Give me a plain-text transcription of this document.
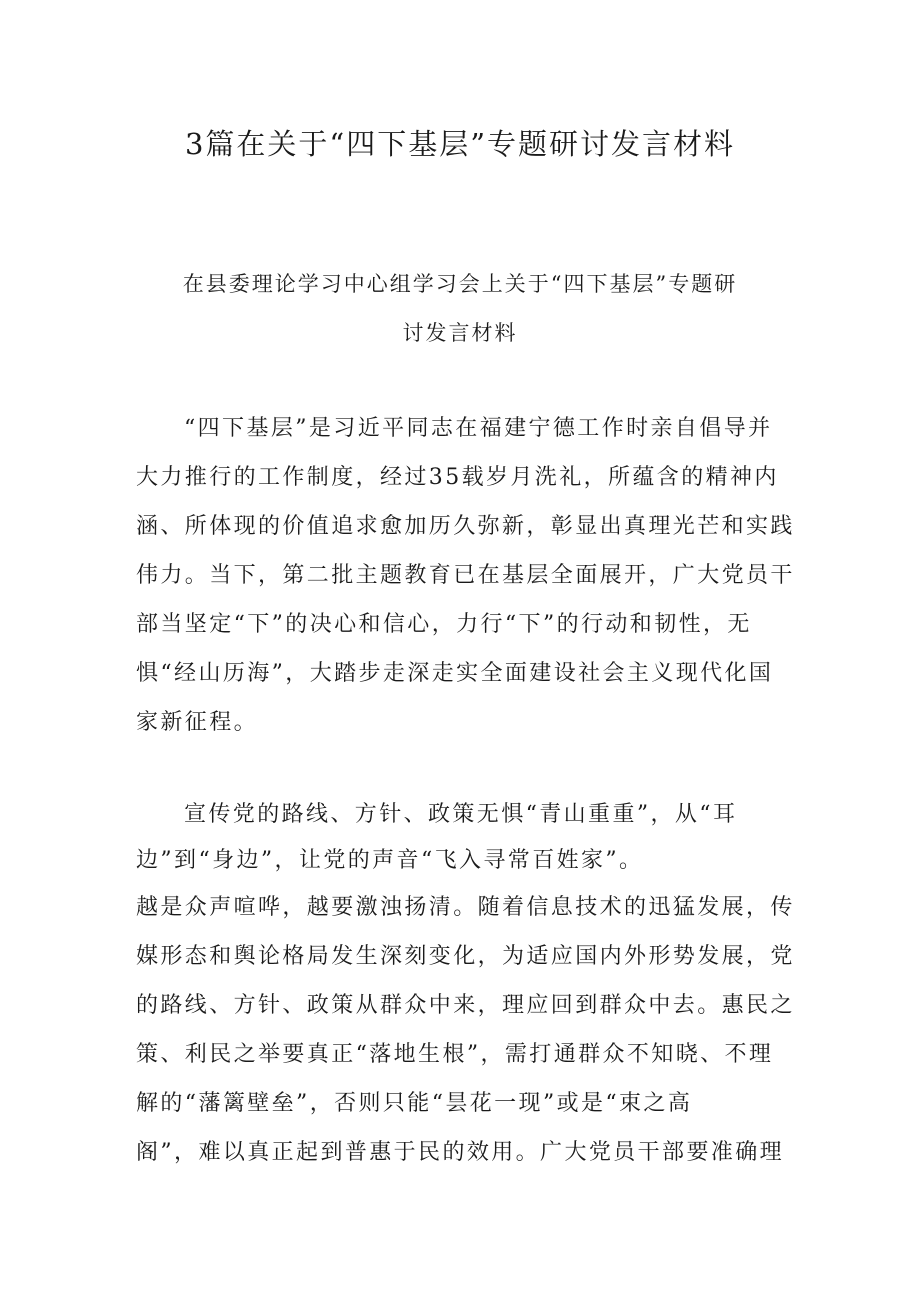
3篇在关于“四下基层”专题研讨发言材料
在县委理论学习中心组学习会上关于“四下基层”专题研
讨发言材料
“四下基层”是习近平同志在福建宁德工作时亲自倡导并
大力推行的工作制度，经过35载岁月洗礼，所蕴含的精神内
涵、所体现的价值追求愈加历久弥新，彰显出真理光芒和实践
伟力。当下，第二批主题教育已在基层全面展开，广大党员干
部当坚定“下”的决心和信心，力行“下”的行动和韧性，无
惧“经山历海”，大踏步走深走实全面建设社会主义现代化国
家新征程。
宣传党的路线、方针、政策无惧“青山重重”，从“耳
边”到“身边”，让党的声音“飞入寻常百姓家”。
越是众声喧哗，越要激浊扬清。随着信息技术的迅猛发展，传
媒形态和舆论格局发生深刻变化，为适应国内外形势发展，党
的路线、方针、政策从群众中来，理应回到群众中去。惠民之
策、利民之举要真正“落地生根”，需打通群众不知晓、不理
解的“藩篱壁垒”，否则只能“昙花一现”或是“束之高
阁”，难以真正起到普惠于民的效用。广大党员干部要准确理
